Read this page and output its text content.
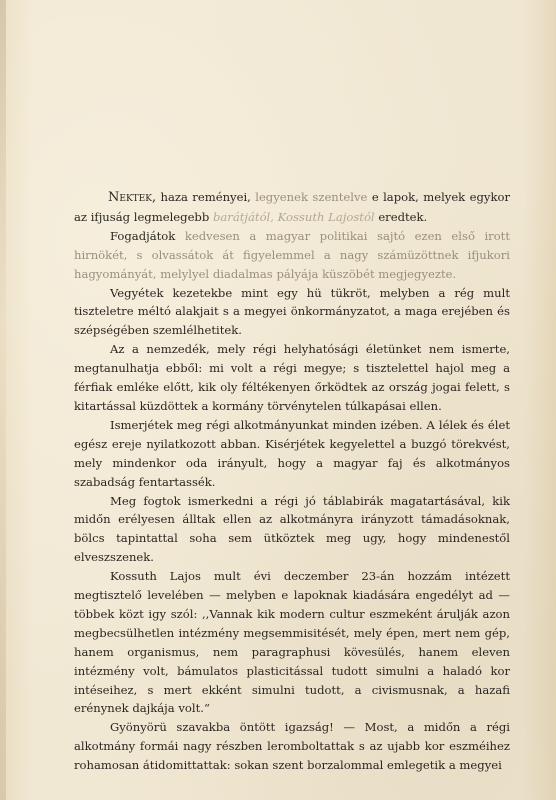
Nektek, haza reményei, legyenek szentelve e lapok, melyek egykor az ifjuság legmelegebb barátjától, Kossuth Lajostól eredtek.

Fogadjátok kedvesen a magyar politikai sajtó ezen első irott hirnökét, s olvassátok át figyelemmel a nagy számüzöttnek ifjukori hagyományát, melylyel diadalmas pályája küszöbét megjegyezte.

Vegyétek kezetekbe mint egy hü tükröt, melyben a rég mult tiszteletre méltó alakjait s a megyei önkormányzatot, a maga erejében és szépségében szemlélhetitek.

Az a nemzedék, mely régi helyhatósági életünket nem ismerte, megtanulhatja ebből: mi volt a régi megye; s tisztelettel hajol meg a férfiak emléke előtt, kik oly féltékenyen őrködtek az ország jogai felett, s kitartással küzdöttek a kormány törvénytelen túlkapásai ellen.

Ismerjétek meg régi alkotmányunkat minden izében. A lélek és élet egész ereje nyilatkozott abban. Kisérjétek kegyelettel a buzgó törekvést, mely mindenkor oda irányult, hogy a magyar faj és alkotmányos szabadság fentartassék.

Meg fogtok ismerkedni a régi jó táblabirák magatartásával, kik midőn erélyesen álltak ellen az alkotmányra irányzott támadásoknak, bölcs tapintattal soha sem ütköztek meg ugy, hogy mindenestől elveszszenek.

Kossuth Lajos mult évi deczember 23-án hozzám intézett megtisztelő levelében — melyben e lapoknak kiadására engedélyt ad — többek közt igy szól: ,,Vannak kik modern cultur eszmeként árulják azon megbecsülhetlen intézmény megsemmisitését, mely épen, mert nem gép, hanem organismus, nem paragraphusi kövesülés, hanem eleven intézmény volt, bámulatos plasticitással tudott simulni a haladó kor intéseihez, s mert ekként simulni tudott, a civismusnak, a hazafi erénynek dajkája volt.“

Gyönyörü szavakba öntött igazság! — Most, a midőn a régi alkotmány formái nagy részben leromboltattak s az ujabb kor eszméihez rohamosan átidomittattak: sokan szent borzalommal emlegetik a megyei
